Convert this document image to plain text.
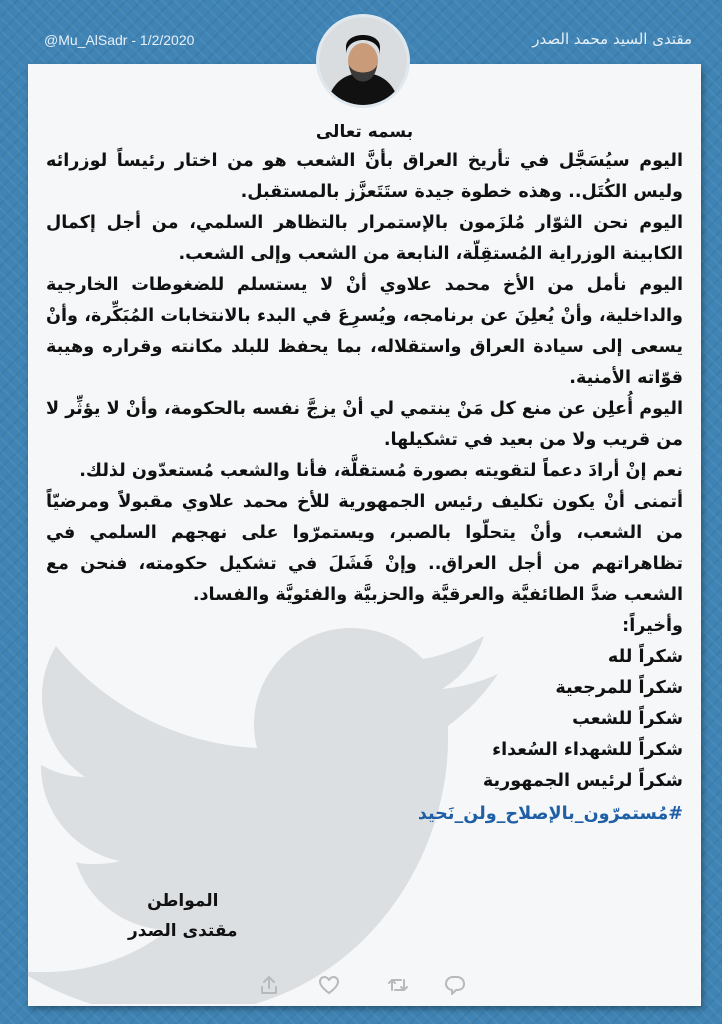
@Mu_AlSadr - 1/2/2020	مقتدى السيد محمد الصدر
بسمه تعالى

اليوم سيُسَجَّل في تأريخ العراق بأنَّ الشعب هو من اختار رئيساً لوزرائه وليس الكُتَل.. وهذه خطوة جيدة ستَتَعزَّز بالمستقبل.

اليوم نحن الثوّار مُلزَمون بالإستمرار بالتظاهر السلمي، من أجل إكمال الكابينة الوزراية المُستقِلّة، النابعة من الشعب وإلى الشعب.

اليوم نأمل من الأخ محمد علاوي أنْ لا يستسلم للضغوطات الخارجية والداخلية، وأنْ يُعلِنَ عن برنامجه، ويُسرِعَ في البدء بالانتخابات المُبَكِّرة، وأنْ يسعى إلى سيادة العراق واستقلاله، بما يحفظ للبلد مكانته وقراره وهيبة قوّاته الأمنية.

اليوم أُعلِن عن منع كل مَنْ ينتمي لي أنْ يزجَّ نفسه بالحكومة، وأنْ لا يؤثِّر لا من قريب ولا من بعيد في تشكيلها.

نعم إنْ أرادَ دعماً لتقويته بصورة مُستقلَّة، فأنا والشعب مُستعدّون لذلك.

أتمنى أنْ يكون تكليف رئيس الجمهورية للأخ محمد علاوي مقبولاً ومرضيّاً من الشعب، وأنْ يتحلّوا بالصبر، ويستمرّوا على نهجهم السلمي في تظاهراتهم من أجل العراق.. وإنْ فَشَلَ في تشكيل حكومته، فنحن مع الشعب ضدَّ الطائفيَّة والعرقيَّة والحزبيَّة والفئويَّة والفساد.

وأخيراً:
شكراً لله
شكراً للمرجعية
شكراً للشعب
شكراً للشهداء السُعداء
شكراً لرئيس الجمهورية
#مُستمرّون_بالإصلاح_ولن_نَحيد
المواطن
مقتدى الصدر
